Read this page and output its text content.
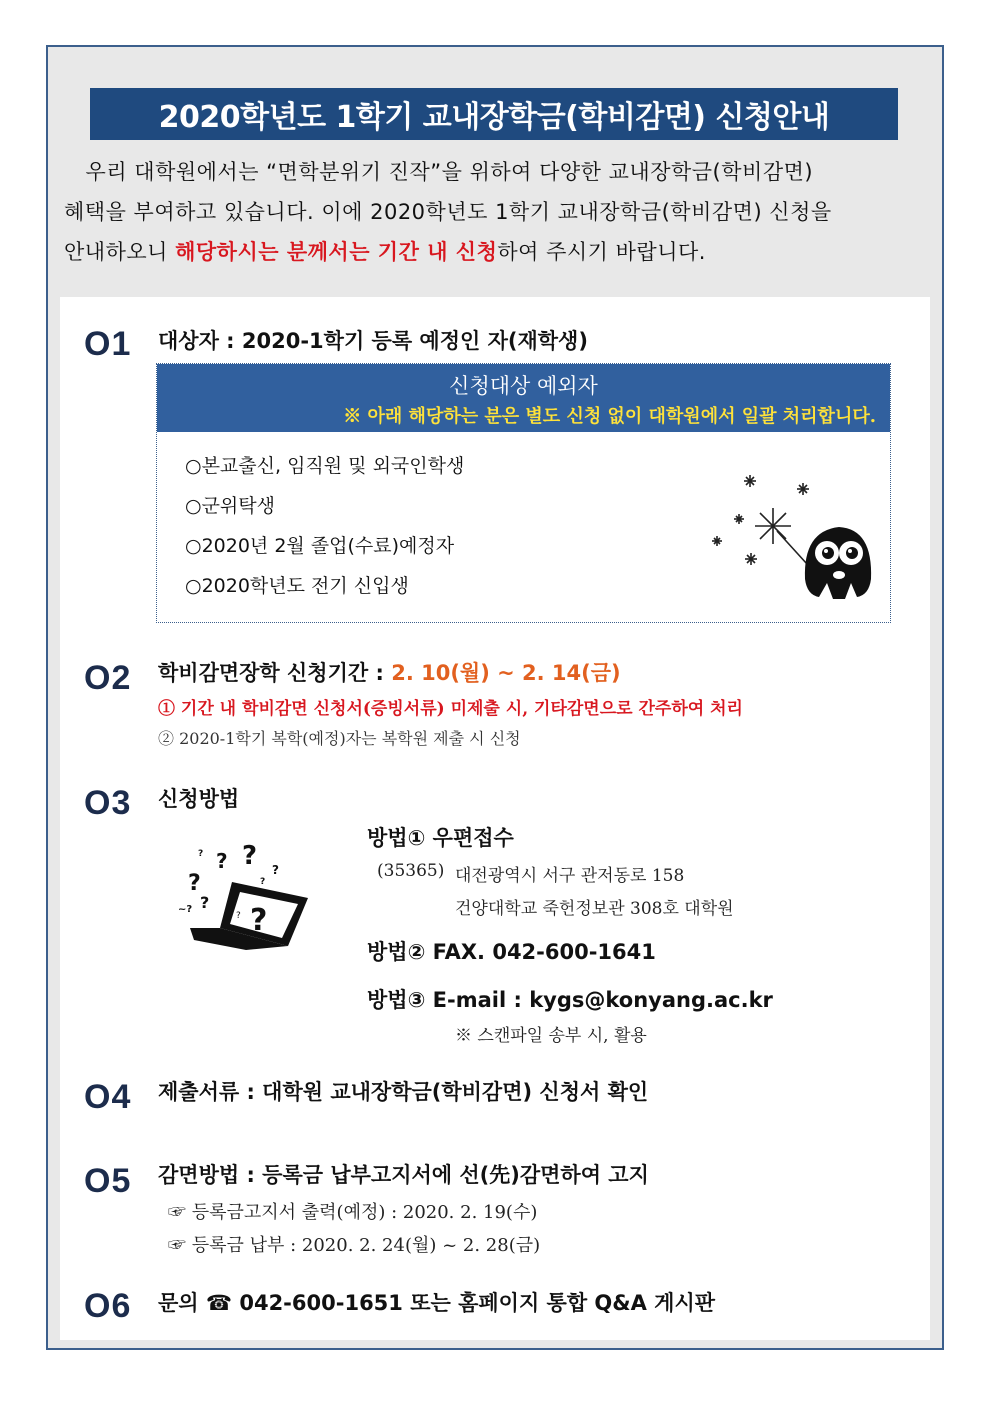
2020학년도 1학기 교내장학금(학비감면) 신청안내

우리 대학원에서는 “면학분위기 진작”을 위하여 다양한 교내장학금(학비감면)

혜택을 부여하고 있습니다. 이에 2020학년도 1학기 교내장학금(학비감면) 신청을

안내하오니 해당하시는 분께서는 기간 내 신청하여 주시기 바랍니다.

O1 대상자 : 2020-1학기 등록 예정인 자(재학생)
신청대상 예외자
※ 아래 해당하는 분은 별도 신청 없이 대학원에서 일괄 처리합니다.
○본교출신, 임직원 및 외국인학생
○군위탁생
○2020년 2월 졸업(수료)예정자
○2020학년도 전기 신입생
O2 학비감면장학 신청기간 : 2. 10(월) ~ 2. 14(금)
① 기간 내 학비감면 신청서(증빙서류) 미제출 시, 기타감면으로 간주하여 처리
② 2020-1학기 복학(예정)자는 복학원 제출 시 신청
O3 신청방법
? ?
?
?
?
?
?
~? ?
?
방법① 우편접수
(35365) 대전광역시 서구 관저동로 158
건양대학교 죽헌정보관 308호 대학원
방법② FAX. 042-600-1641
방법③ E-mail : kygs@konyang.ac.kr
※ 스캔파일 송부 시, 활용
O4 제출서류 : 대학원 교내장학금(학비감면) 신청서 확인
O5 감면방법 : 등록금 납부고지서에 선(先)감면하여 고지
☞ 등록금고지서 출력(예정) : 2020. 2. 19(수)
☞ 등록금 납부 : 2020. 2. 24(월) ~ 2. 28(금)
O6 문의 ☎ 042-600-1651 또는 홈페이지 통합 Q&A 게시판
